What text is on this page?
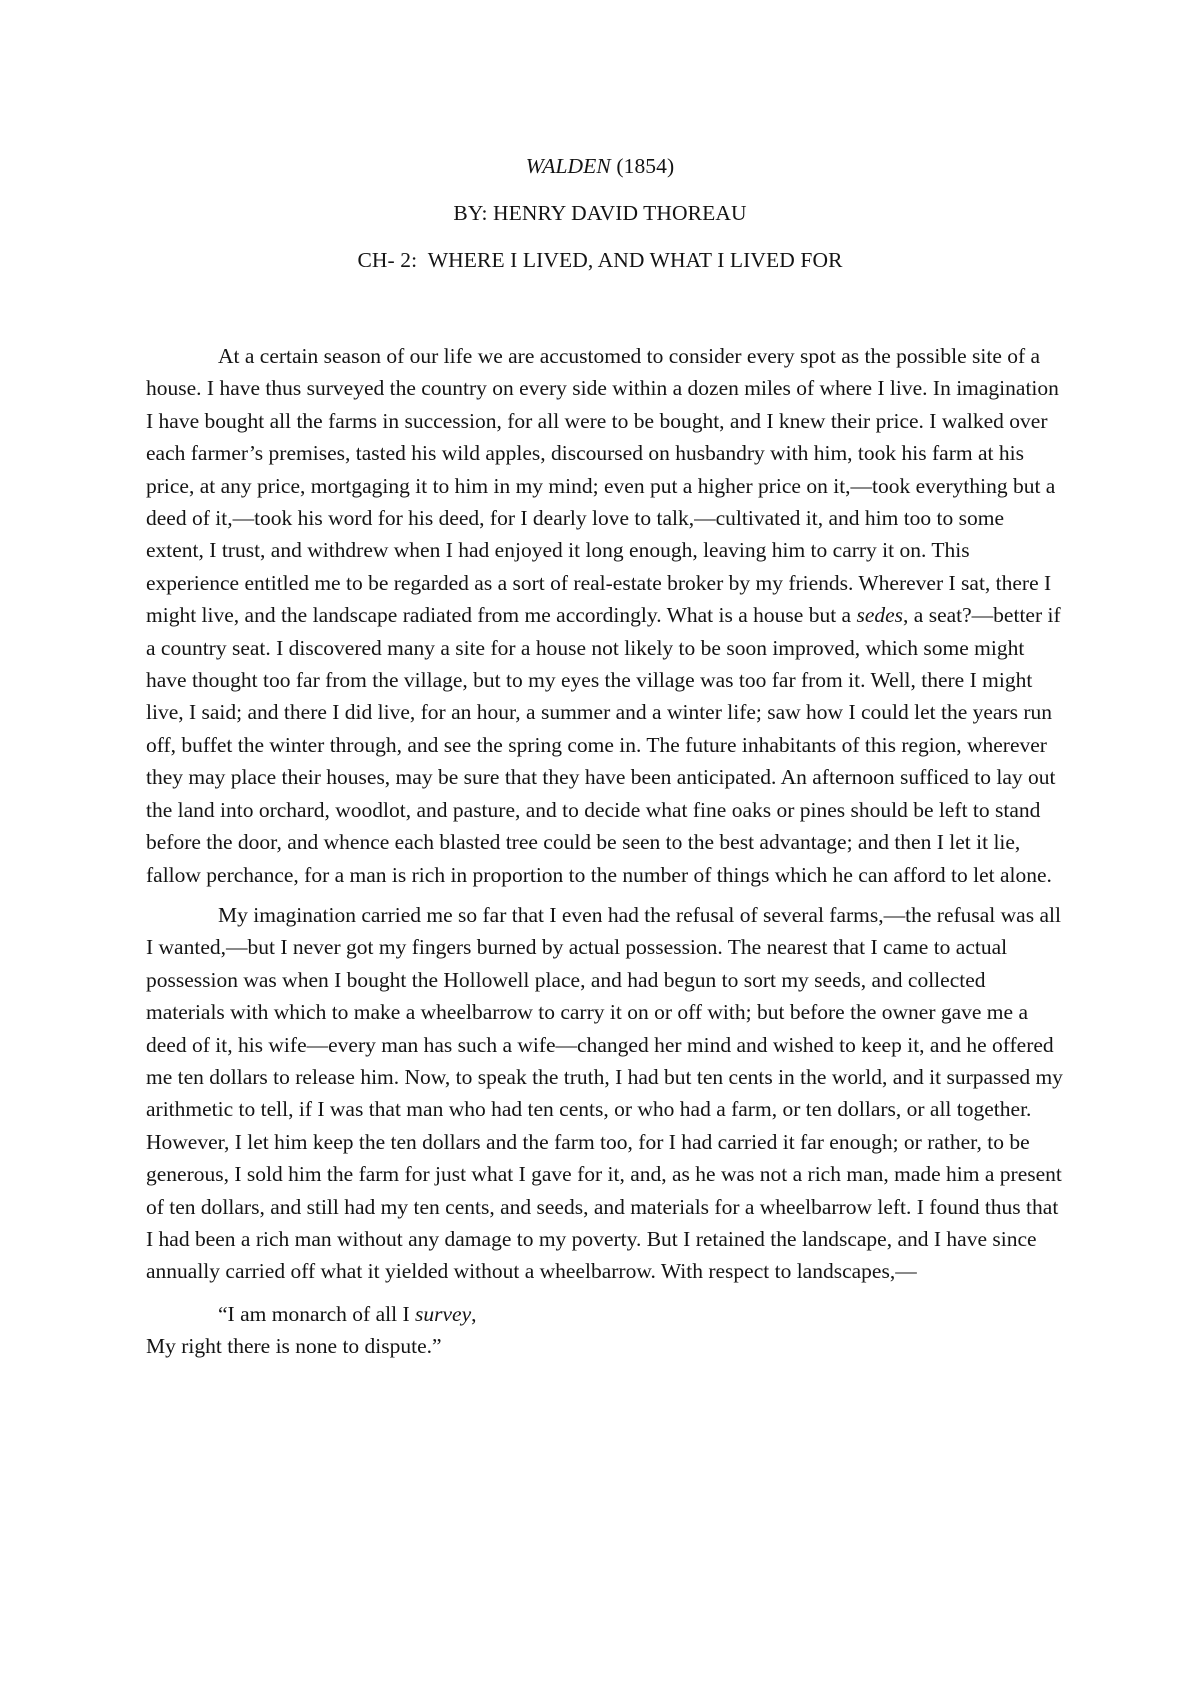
WALDEN (1854)
BY: HENRY DAVID THOREAU
CH- 2:  WHERE I LIVED, AND WHAT I LIVED FOR

At a certain season of our life we are accustomed to consider every spot as the possible site of a house. I have thus surveyed the country on every side within a dozen miles of where I live. In imagination I have bought all the farms in succession, for all were to be bought, and I knew their price. I walked over each farmer’s premises, tasted his wild apples, discoursed on husbandry with him, took his farm at his price, at any price, mortgaging it to him in my mind; even put a higher price on it,—took everything but a deed of it,—took his word for his deed, for I dearly love to talk,—cultivated it, and him too to some extent, I trust, and withdrew when I had enjoyed it long enough, leaving him to carry it on. This experience entitled me to be regarded as a sort of real-estate broker by my friends. Wherever I sat, there I might live, and the landscape radiated from me accordingly. What is a house but a sedes, a seat?—better if a country seat. I discovered many a site for a house not likely to be soon improved, which some might have thought too far from the village, but to my eyes the village was too far from it. Well, there I might live, I said; and there I did live, for an hour, a summer and a winter life; saw how I could let the years run off, buffet the winter through, and see the spring come in. The future inhabitants of this region, wherever they may place their houses, may be sure that they have been anticipated. An afternoon sufficed to lay out the land into orchard, woodlot, and pasture, and to decide what fine oaks or pines should be left to stand before the door, and whence each blasted tree could be seen to the best advantage; and then I let it lie, fallow perchance, for a man is rich in proportion to the number of things which he can afford to let alone.

My imagination carried me so far that I even had the refusal of several farms,—the refusal was all I wanted,—but I never got my fingers burned by actual possession. The nearest that I came to actual possession was when I bought the Hollowell place, and had begun to sort my seeds, and collected materials with which to make a wheelbarrow to carry it on or off with; but before the owner gave me a deed of it, his wife—every man has such a wife—changed her mind and wished to keep it, and he offered me ten dollars to release him. Now, to speak the truth, I had but ten cents in the world, and it surpassed my arithmetic to tell, if I was that man who had ten cents, or who had a farm, or ten dollars, or all together. However, I let him keep the ten dollars and the farm too, for I had carried it far enough; or rather, to be generous, I sold him the farm for just what I gave for it, and, as he was not a rich man, made him a present of ten dollars, and still had my ten cents, and seeds, and materials for a wheelbarrow left. I found thus that I had been a rich man without any damage to my poverty. But I retained the landscape, and I have since annually carried off what it yielded without a wheelbarrow. With respect to landscapes,—

“I am monarch of all I survey,
My right there is none to dispute.”
